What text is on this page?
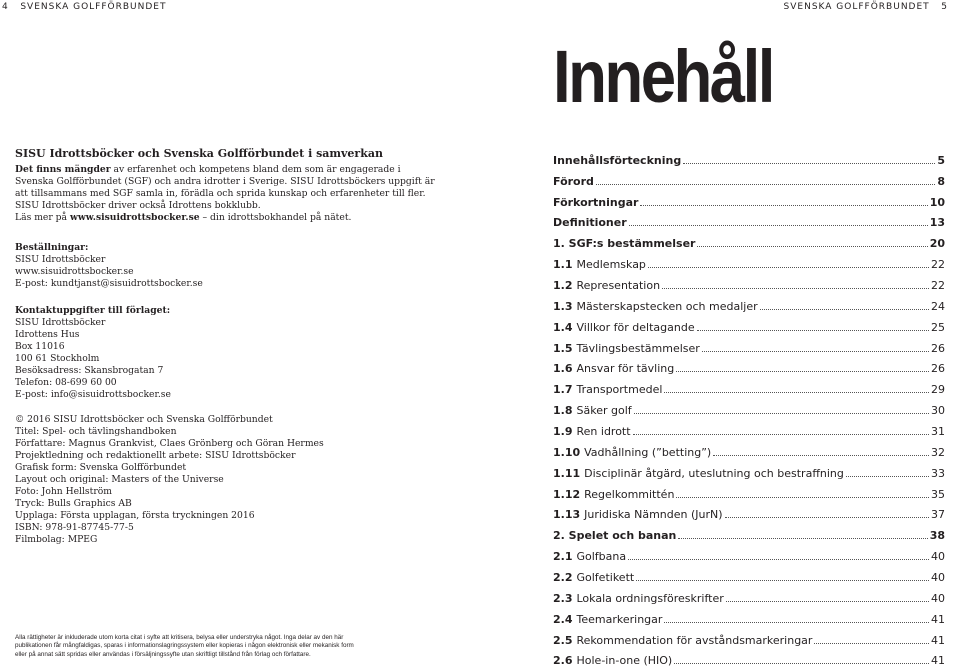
4 SVENSKA GOLFFÖRBUNDET	SVENSKA GOLFFÖRBUNDET 5
Innehåll

SISU Idrottsböcker och Svenska Golfförbundet i samverkan

Det finns mängder av erfarenhet och kompetens bland dem som är engagerade i

Svenska Golfförbundet (SGF) och andra idrotter i Sverige. SISU Idrottsböckers uppgift är

att tillsammans med SGF samla in, förädla och sprida kunskap och erfarenheter till fler.

SISU Idrottsböcker driver också Idrottens bokklubb.

Läs mer på www.sisuidrottsbocker.se – din idrottsbokhandel på nätet.

Beställningar:

SISU Idrottsböcker

www.sisuidrottsbocker.se

E-post: kundtjanst@sisuidrottsbocker.se

Kontaktuppgifter till förlaget:

SISU Idrottsböcker

Idrottens Hus

Box 11016

100 61 Stockholm

Besöksadress: Skansbrogatan 7

Telefon: 08-699 60 00

E-post: info@sisuidrottsbocker.se

© 2016 SISU Idrottsböcker och Svenska Golfförbundet

Titel: Spel- och tävlingshandboken

Författare: Magnus Grankvist, Claes Grönberg och Göran Hermes

Projektledning och redaktionellt arbete: SISU Idrottsböcker

Grafisk form: Svenska Golfförbundet

Layout och original: Masters of the Universe

Foto: John Hellström

Tryck: Bulls Graphics AB

Upplaga: Första upplagan, första tryckningen 2016

ISBN: 978-91-87745-77-5

Filmbolag: MPEG

Alla rättigheter är inkluderade utom korta citat i syfte att kritisera, belysa eller understryka något. Inga delar av den här
publikationen får mångfaldigas, sparas i informationslagringssystem eller kopieras i någon elektronisk eller mekanisk form
eller på annat sätt spridas eller användas i försäljningssyfte utan skriftligt tillstånd från förlag och författare.
Innehållsförteckning	5
Förord	8
Förkortningar	10
Definitioner	13
1. SGF:s bestämmelser	20
1.1 Medlemskap	22
1.2 Representation	22
1.3 Mästerskapstecken och medaljer	24
1.4 Villkor för deltagande	25
1.5 Tävlingsbestämmelser	26
1.6 Ansvar för tävling	26
1.7 Transportmedel	29
1.8 Säker golf	30
1.9 Ren idrott	31
1.10 Vadhållning (”betting”)	32
1.11 Disciplinär åtgärd, uteslutning och bestraffning	33
1.12 Regelkommittén	35
1.13 Juridiska Nämnden (JurN)	37
2. Spelet och banan	38
2.1 Golfbana	40
2.2 Golfetikett	40
2.3 Lokala ordningsföreskrifter	40
2.4 Teemarkeringar	41
2.5 Rekommendation för avståndsmarkeringar	41
2.6 Hole-in-one (HIO)	41
